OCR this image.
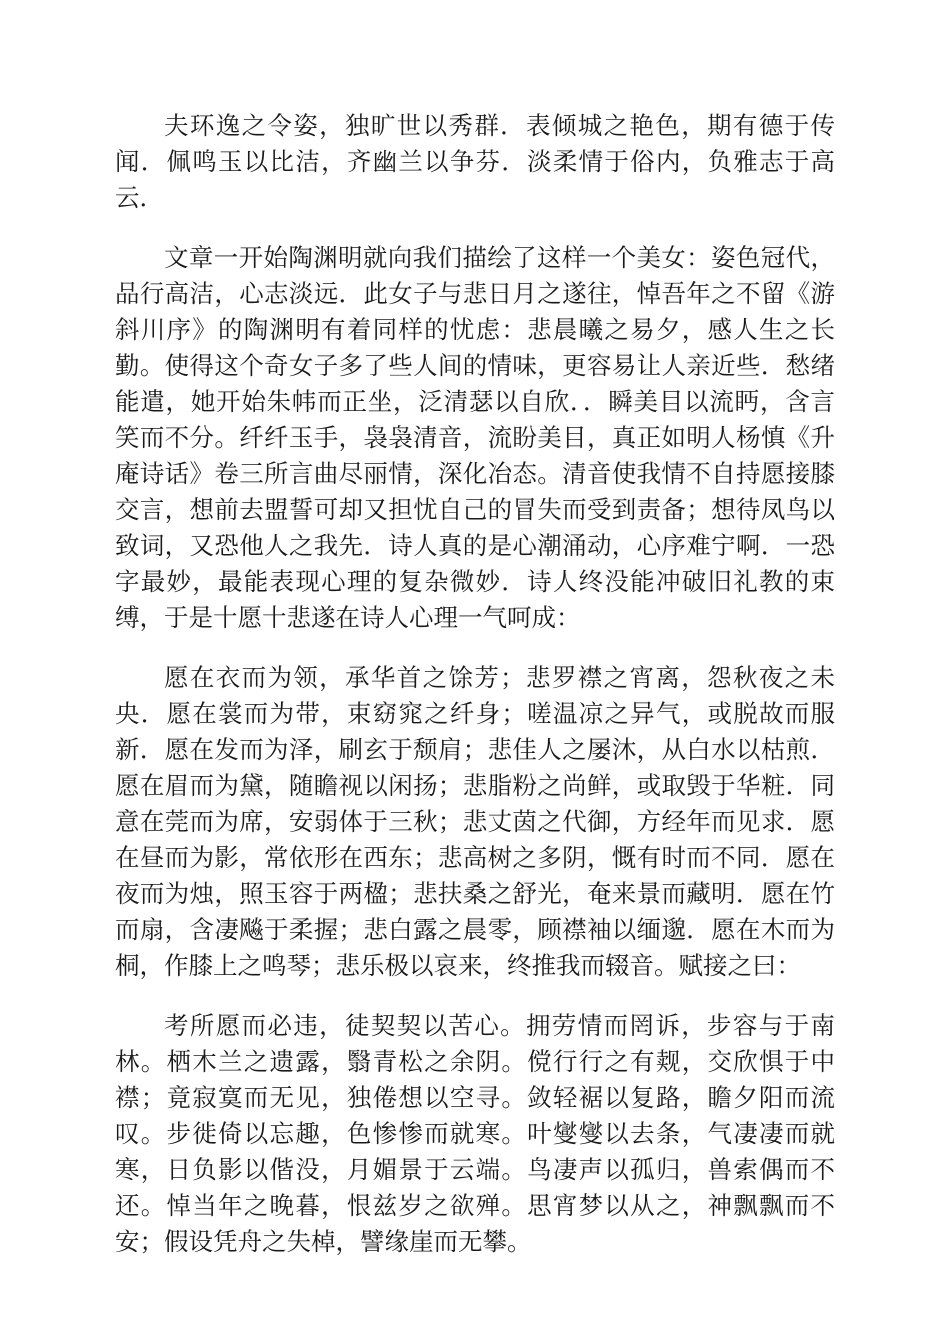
夫环逸之令姿，独旷世以秀群．表倾城之艳色，期有德于传闻．佩鸣玉以比洁，齐幽兰以争芬．淡柔情于俗内，负雅志于高云．

文章一开始陶渊明就向我们描绘了这样一个美女：姿色冠代，品行高洁，心志淡远．此女子与悲日月之遂往，悼吾年之不留《游斜川序》的陶渊明有着同样的忧虑：悲晨曦之易夕，感人生之长勤。使得这个奇女子多了些人间的情味，更容易让人亲近些．愁绪能遣，她开始朱帏而正坐，泛清瑟以自欣．．瞬美目以流眄，含言笑而不分。纤纤玉手，袅袅清音，流盼美目，真正如明人杨慎《升庵诗话》卷三所言曲尽丽情，深化冶态。清音使我情不自持愿接膝交言，想前去盟誓可却又担忧自己的冒失而受到责备；想待凤鸟以致词，又恐他人之我先．诗人真的是心潮涌动，心序难宁啊．一恐字最妙，最能表现心理的复杂微妙．诗人终没能冲破旧礼教的束缚，于是十愿十悲遂在诗人心理一气呵成：

愿在衣而为领，承华首之馀芳；悲罗襟之宵离，怨秋夜之未央．愿在裳而为带，束窈窕之纤身；嗟温凉之异气，或脱故而服新．愿在发而为泽，刷玄于颓肩；悲佳人之屡沐，从白水以枯煎．愿在眉而为黛，随瞻视以闲扬；悲脂粉之尚鲜，或取毁于华粧．同意在莞而为席，安弱体于三秋；悲丈茵之代御，方经年而见求．愿在昼而为影，常依形在西东；悲高树之多阴，慨有时而不同．愿在夜而为烛，照玉容于两楹；悲扶桑之舒光，奄来景而藏明．愿在竹而扇，含凄飚于柔握；悲白露之晨零，顾襟袖以缅邈．愿在木而为桐，作膝上之鸣琴；悲乐极以哀来，终推我而辍音。赋接之曰：

考所愿而必违，徒契契以苦心。拥劳情而罔诉，步容与于南林。栖木兰之遗露，翳青松之余阴。傥行行之有觌，交欣惧于中襟；竟寂寞而无见，独倦想以空寻。敛轻裾以复路，瞻夕阳而流叹。步徙倚以忘趣，色惨惨而就寒。叶燮燮以去条，气凄凄而就寒，日负影以偕没，月媚景于云端。鸟凄声以孤归，兽索偶而不还。悼当年之晚暮，恨兹岁之欲殚。思宵梦以从之，神飘飘而不安；假设凭舟之失棹，譬缘崖而无攀。
